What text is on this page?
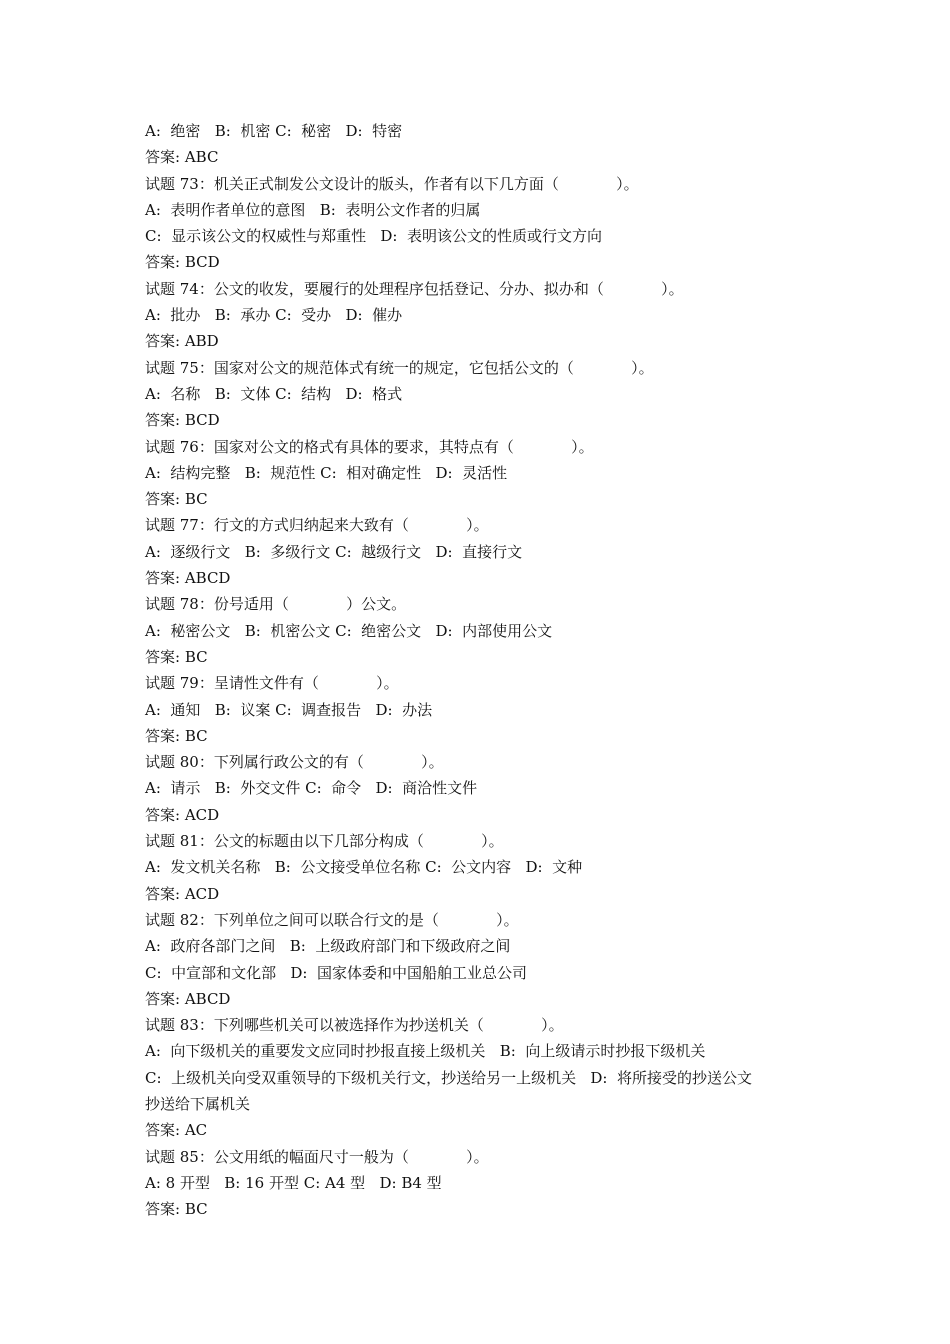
A:  绝密   B:  机密 C:  秘密   D:  特密
答案: ABC
试题 73：机关正式制发公文设计的版头，作者有以下几方面（            ）。
A:  表明作者单位的意图   B:  表明公文作者的归属
C:  显示该公文的权威性与郑重性   D:  表明该公文的性质或行文方向
答案: BCD
试题 74：公文的收发，要履行的处理程序包括登记、分办、拟办和（            ）。
A:  批办   B:  承办 C:  受办   D:  催办
答案: ABD
试题 75：国家对公文的规范体式有统一的规定，它包括公文的（            ）。
A:  名称   B:  文体 C:  结构   D:  格式
答案: BCD
试题 76：国家对公文的格式有具体的要求，其特点有（            ）。
A:  结构完整   B:  规范性 C:  相对确定性   D:  灵活性
答案: BC
试题 77：行文的方式归纳起来大致有（            ）。
A:  逐级行文   B:  多级行文 C:  越级行文   D:  直接行文
答案: ABCD
试题 78：份号适用（            ）公文。
A:  秘密公文   B:  机密公文 C:  绝密公文   D:  内部使用公文
答案: BC
试题 79：呈请性文件有（            ）。
A:  通知   B:  议案 C:  调查报告   D:  办法
答案: BC
试题 80：下列属行政公文的有（            ）。
A:  请示   B:  外交文件 C:  命令   D:  商洽性文件
答案: ACD
试题 81：公文的标题由以下几部分构成（            ）。
A:  发文机关名称   B:  公文接受单位名称 C:  公文内容   D:  文种
答案: ACD
试题 82：下列单位之间可以联合行文的是（            ）。
A:  政府各部门之间   B:  上级政府部门和下级政府之间
C:  中宣部和文化部   D:  国家体委和中国船舶工业总公司
答案: ABCD
试题 83：下列哪些机关可以被选择作为抄送机关（            ）。
A:  向下级机关的重要发文应同时抄报直接上级机关   B:  向上级请示时抄报下级机关
C:  上级机关向受双重领导的下级机关行文，抄送给另一上级机关   D:  将所接受的抄送公文
抄送给下属机关
答案: AC
试题 85：公文用纸的幅面尺寸一般为（            ）。
A: 8 开型   B: 16 开型 C: A4 型   D: B4 型
答案: BC
